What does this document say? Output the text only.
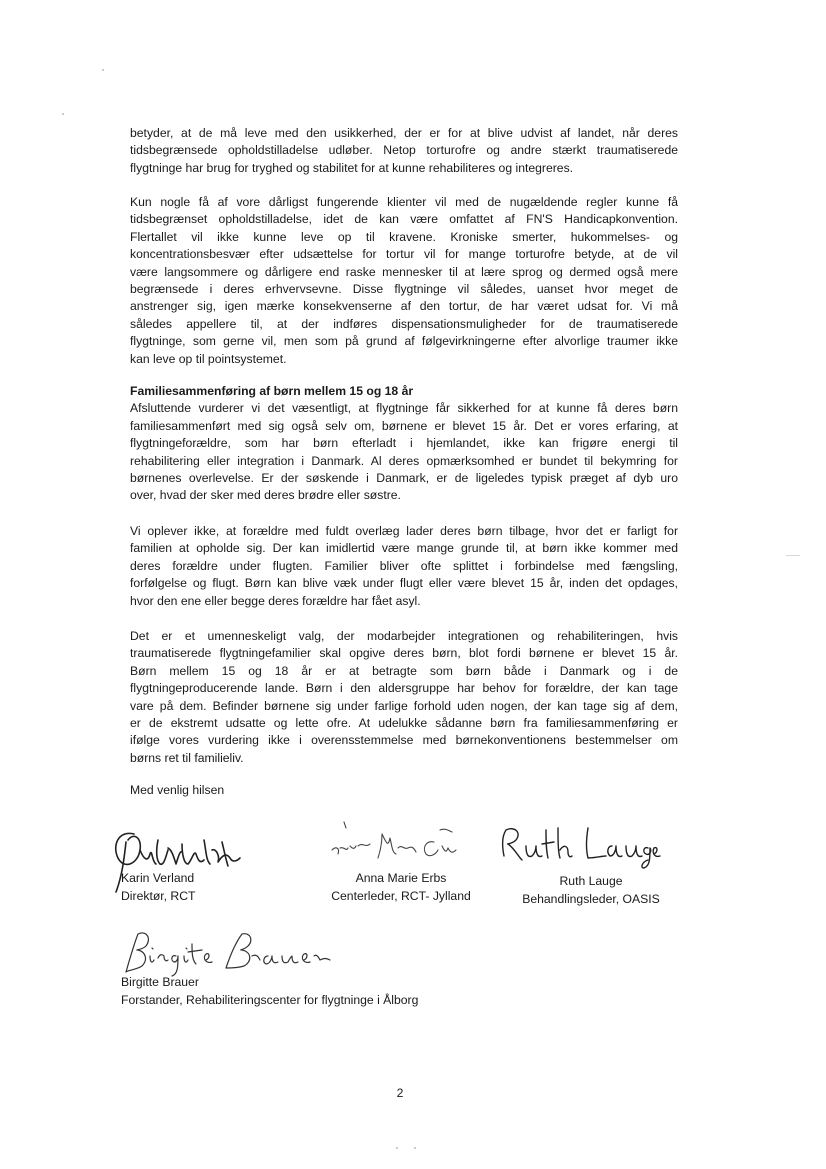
betyder, at de må leve med den usikkerhed, der er for at blive udvist af landet, når deres
tidsbegrænsede opholdstilladelse udløber. Netop torturofre og andre stærkt traumatiserede
flygtninge har brug for tryghed og stabilitet for at kunne rehabiliteres og integreres.
Kun nogle få af vore dårligst fungerende klienter vil med de nugældende regler kunne få
tidsbegrænset opholdstilladelse, idet de kan være omfattet af FN'S Handicapkonvention.
Flertallet vil ikke kunne leve op til kravene. Kroniske smerter, hukommelses- og
koncentrationsbesvær efter udsættelse for tortur vil for mange torturofre betyde, at de vil
være langsommere og dårligere end raske mennesker til at lære sprog og dermed også mere
begrænsede i deres erhvervsevne. Disse flygtninge vil således, uanset hvor meget de
anstrenger sig, igen mærke konsekvenserne af den tortur, de har været udsat for. Vi må
således appellere til, at der indføres dispensationsmuligheder for de traumatiserede
flygtninge, som gerne vil, men som på grund af følgevirkningerne efter alvorlige traumer ikke
kan leve op til pointsystemet.
Familiesammenføring af børn mellem 15 og 18 år
Afsluttende vurderer vi det væsentligt, at flygtninge får sikkerhed for at kunne få deres børn
familiesammenført med sig også selv om, børnene er blevet 15 år. Det er vores erfaring, at
flygtningeforældre, som har børn efterladt i hjemlandet, ikke kan frigøre energi til
rehabilitering eller integration i Danmark. Al deres opmærksomhed er bundet til bekymring for
børnenes overlevelse. Er der søskende i Danmark, er de ligeledes typisk præget af dyb uro
over, hvad der sker med deres brødre eller søstre.
Vi oplever ikke, at forældre med fuldt overlæg lader deres børn tilbage, hvor det er farligt for
familien at opholde sig. Der kan imidlertid være mange grunde til, at børn ikke kommer med
deres forældre under flugten. Familier bliver ofte splittet i forbindelse med fængsling,
forfølgelse og flugt. Børn kan blive væk under flugt eller være blevet 15 år, inden det opdages,
hvor den ene eller begge deres forældre har fået asyl.
Det er et umenneskeligt valg, der modarbejder integrationen og rehabiliteringen, hvis
traumatiserede flygtningefamilier skal opgive deres børn, blot fordi børnene er blevet 15 år.
Børn mellem 15 og 18 år er at betragte som børn både i Danmark og i de
flygtningeproducerende lande. Børn i den aldersgruppe har behov for forældre, der kan tage
vare på dem. Befinder børnene sig under farlige forhold uden nogen, der kan tage sig af dem,
er de ekstremt udsatte og lette ofre. At udelukke sådanne børn fra familiesammenføring er
ifølge vores vurdering ikke i overensstemmelse med børnekonventionens bestemmelser om
børns ret til familieliv.

Med venlig hilsen

Karin Verland

Direktør, RCT

Anna Marie Erbs

Centerleder, RCT- Jylland

Ruth Lauge

Behandlingsleder, OASIS

Birgitte Brauer

Forstander, Rehabiliteringscenter for flygtninge i Ålborg

2
